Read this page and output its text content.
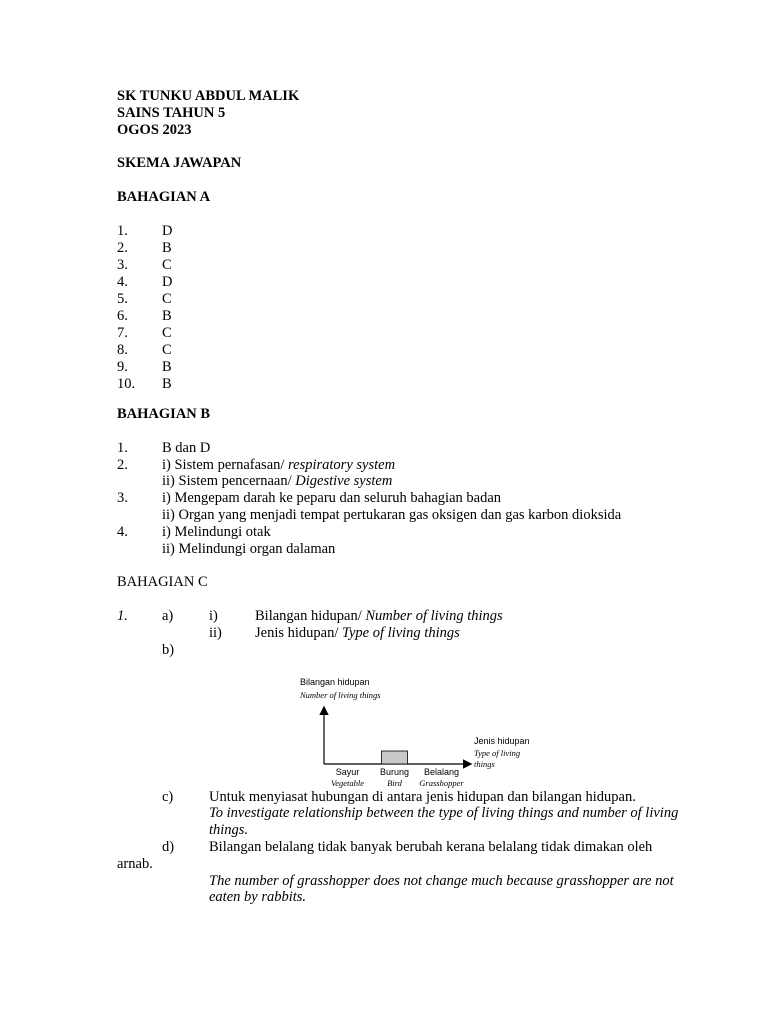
SK TUNKU ABDUL MALIK
SAINS TAHUN 5
OGOS 2023
SKEMA JAWAPAN
BAHAGIAN A
1. D
2. B
3. C
4. D
5. C
6. B
7. C
8. C
9. B
10. B
BAHAGIAN B
1. B dan D
2. i) Sistem pernafasan/ respiratory system
ii) Sistem pencernaan/ Digestive system
3. i) Mengepam darah ke peparu dan seluruh bahagian badan
ii) Organ yang menjadi tempat pertukaran gas oksigen dan gas karbon dioksida
4. i) Melindungi otak
ii) Melindungi organ dalaman
BAHAGIAN C
1. a) i)	Bilangan hidupan/ Number of living things
ii) Jenis hidupan/ Type of living things
b)
Bilangan hidupan
Number of living things
Jenis hidupan
Type of living
things
Sayur
Vegetable
Burung
Bird
Belalang
Grasshopper
c) Untuk menyiasat hubungan di antara jenis hidupan dan bilangan hidupan.
To investigate relationship between the type of living things and number of living
things.
d) Bilangan belalang tidak banyak berubah kerana belalang tidak dimakan oleh
arnab.
The number of grasshopper does not change much because grasshopper are not
eaten by rabbits.
